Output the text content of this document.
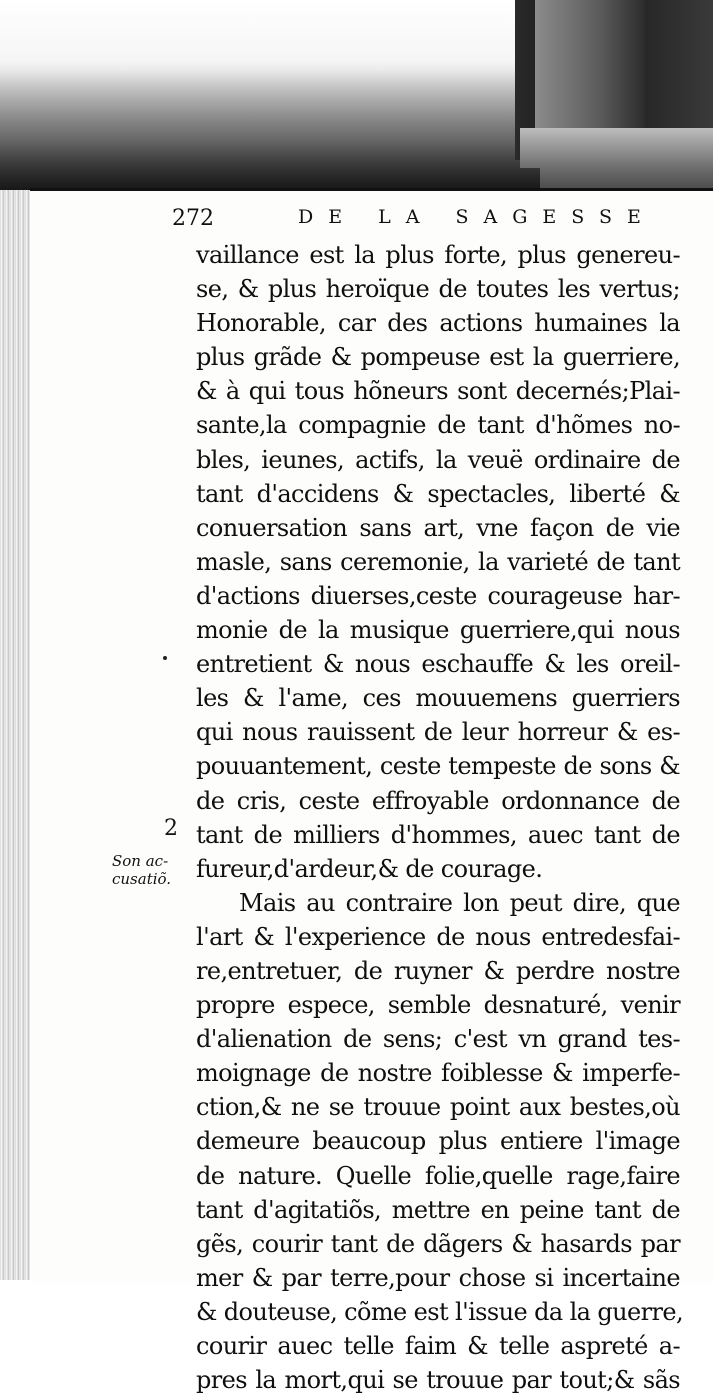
272	DE LA SAGESSE
2
Son ac-
cusatiõ.
vaillance est la plus forte, plus genereu-
se, & plus heroïque de toutes les vertus;
Honorable, car des actions humaines la
plus grãde & pompeuse est la guerriere,
& à qui tous hõneurs sont decernés;Plai-
sante,la compagnie de tant d'hõmes no-
bles, ieunes, actifs, la veuë ordinaire de
tant d'accidens & spectacles, liberté &
conuersation sans art, vne façon de vie
masle, sans ceremonie, la varieté de tant
d'actions diuerses,ceste courageuse har-
monie de la musique guerriere,qui nous
entretient & nous eschauffe & les oreil-
les & l'ame, ces mouuemens guerriers
qui nous rauissent de leur horreur & es-
pouuantement, ceste tempeste de sons &
de cris, ceste effroyable ordonnance de
tant de milliers d'hommes, auec tant de
fureur,d'ardeur,& de courage.
Mais au contraire lon peut dire, que
l'art & l'experience de nous entredesfai-
re,entretuer, de ruyner & perdre nostre
propre espece, semble desnaturé, venir
d'alienation de sens; c'est vn grand tes-
moignage de nostre foiblesse & imperfe-
ction,& ne se trouue point aux bestes,où
demeure beaucoup plus entiere l'image
de nature. Quelle folie,quelle rage,faire
tant d'agitatiõs, mettre en peine tant de
gẽs, courir tant de dãgers & hasards par
mer & par terre,pour chose si incertaine
& douteuse, cõme est l'issue da la guerre,
courir auec telle faim & telle aspreté a-
pres la mort,qui se trouue par tout;& sãs
